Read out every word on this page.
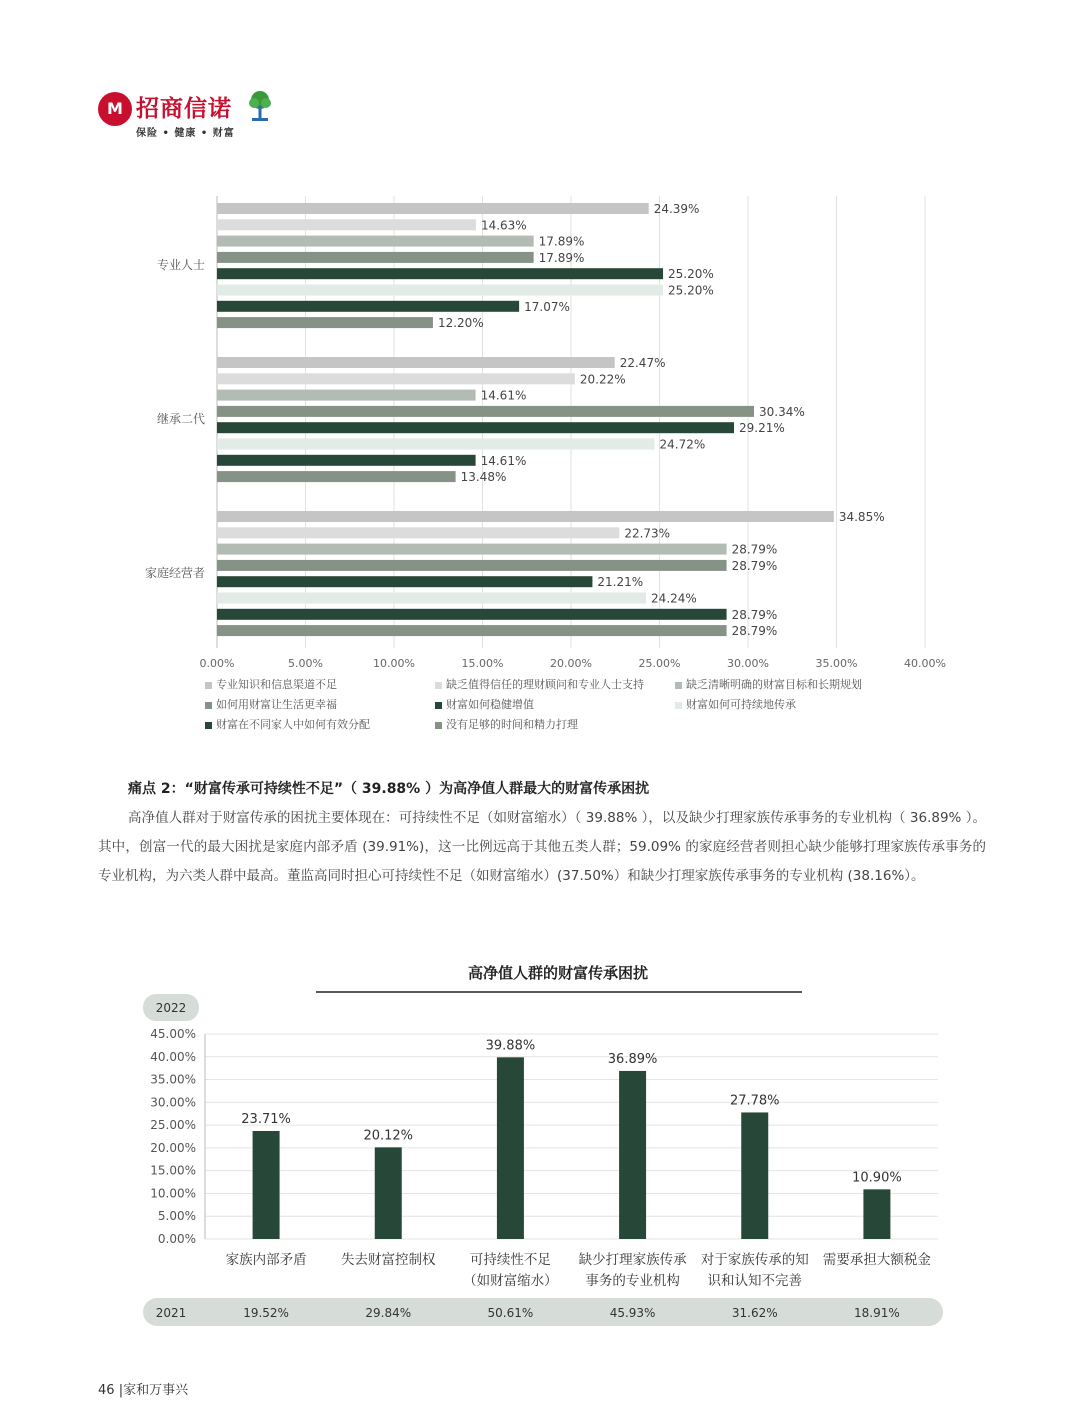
M 招商信诺
保险 • 健康 • 财富
0.00%	5.00%	10.00%	15.00%	20.00%	25.00%	30.00%	35.00%	40.00%
专业人士
24.39%
14.63%
17.89%
17.89%
25.20%
25.20%
17.07%
12.20%
继承二代
22.47%
20.22%
14.61%
30.34%
29.21%
24.72%
14.61%
13.48%
家庭经营者
34.85%
22.73%
28.79%
28.79%
21.21%
24.24%
28.79%
28.79%
专业知识和信息渠道不足	缺乏值得信任的理财顾问和专业人士支持	缺乏清晰明确的财富目标和长期规划
如何用财富让生活更幸福	财富如何稳健增值	财富如何可持续地传承
财富在不同家人中如何有效分配	没有足够的时间和精力打理
痛点 2：“财富传承可持续性不足”（ 39.88% ）为高净值人群最大的财富传承困扰
高净值人群对于财富传承的困扰主要体现在：可持续性不足（如财富缩水）（ 39.88% ），以及缺少打理家族传承事务的专业机构（ 36.89% ）。其中，创富一代的最大困扰是家庭内部矛盾 (39.91%)，这一比例远高于其他五类人群；59.09% 的家庭经营者则担心缺少能够打理家族传承事务的专业机构，为六类人群中最高。董监高同时担心可持续性不足（如财富缩水）(37.50%）和缺少打理家族传承事务的专业机构 (38.16%）。
高净值人群的财富传承困扰
2022
0.00%
5.00%
10.00%
15.00%
20.00%
25.00%
30.00%
35.00%
40.00%
45.00%
23.71%
家族内部矛盾
20.12%
失去财富控制权
39.88%
可持续性不足
（如财富缩水）
36.89%
缺少打理家族传承
事务的专业机构
27.78%
对于家族传承的知
识和认知不完善
10.90%
需要承担大额税金
2021	19.52%	29.84%	50.61%	45.93%	31.62%	18.91%
46 |家和万事兴
